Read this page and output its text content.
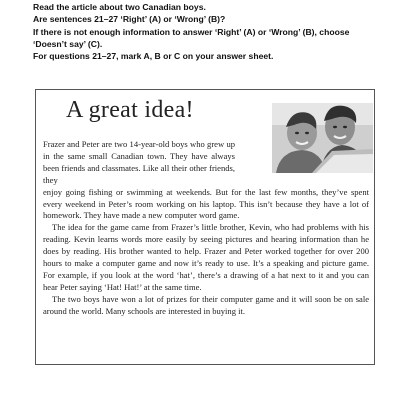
Read the article about two Canadian boys.

Are sentences 21–27 ‘Right’ (A) or ‘Wrong’ (B)?

If there is not enough information to answer ‘Right’ (A) or ‘Wrong’ (B), choose

‘Doesn’t say’ (C).

For questions 21–27, mark A, B or C on your answer sheet.

A great idea!

Frazer and Peter are two 14-year-old boys who grew up in the same small Canadian town. They have always been friends and classmates. Like all their other friends, they
enjoy going fishing or swimming at weekends. But for the last few months, they’ve spent every weekend in Peter’s room working on his laptop. This isn’t because they have a lot of homework. They have made a new computer word game.

The idea for the game came from Frazer’s little brother, Kevin, who had problems with his reading. Kevin learns words more easily by seeing pictures and hearing information than he does by reading. His brother wanted to help. Frazer and Peter worked together for over 200 hours to make a computer game and now it’s ready to use. It’s a speaking and picture game. For example, if you look at the word ‘hat’, there’s a drawing of a hat next to it and you can hear Peter saying ‘Hat! Hat!’ at the same time.

The two boys have won a lot of prizes for their computer game and it will soon be on sale around the world. Many schools are interested in buying it.
